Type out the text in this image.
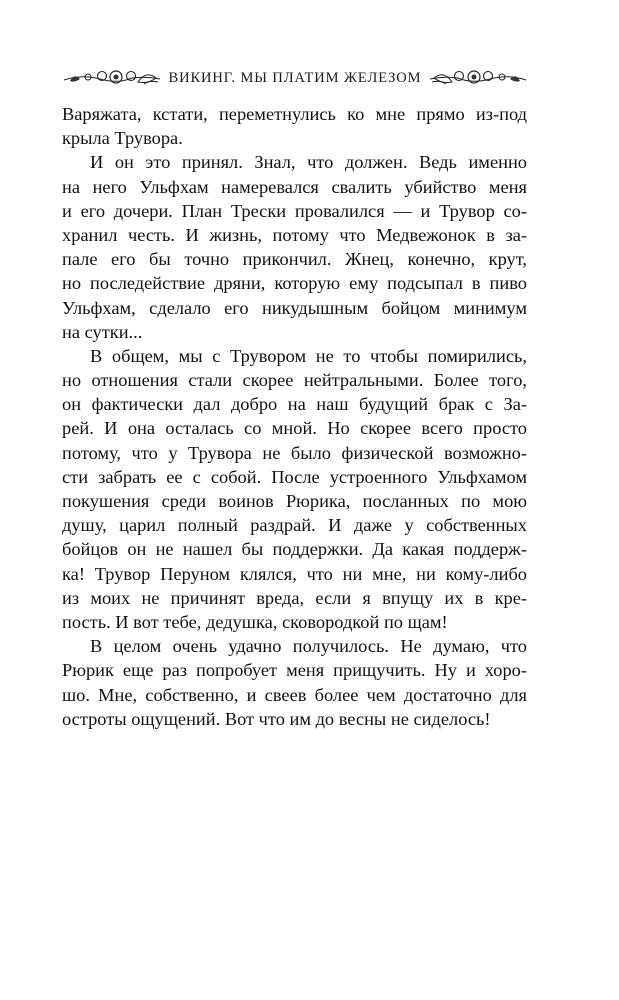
ВИКИНГ. МЫ ПЛАТИМ ЖЕЛЕЗОМ
Варяжата, кстати, переметнулись ко мне прямо из-под
крыла Трувора.
И он это принял. Знал, что должен. Ведь именно
на него Ульфхам намеревался свалить убийство меня
и его дочери. План Трески провалился — и Трувор со-
хранил честь. И жизнь, потому что Медвежонок в за-
пале его бы точно прикончил. Жнец, конечно, крут,
но последействие дряни, которую ему подсыпал в пиво
Ульфхам, сделало его никудышным бойцом минимум
на сутки...
В общем, мы с Трувором не то чтобы помирились,
но отношения стали скорее нейтральными. Более того,
он фактически дал добро на наш будущий брак с За-
рей. И она осталась со мной. Но скорее всего просто
потому, что у Трувора не было физической возможно-
сти забрать ее с собой. После устроенного Ульфхамом
покушения среди воинов Рюрика, посланных по мою
душу, царил полный раздрай. И даже у собственных
бойцов он не нашел бы поддержки. Да какая поддерж-
ка! Трувор Перуном клялся, что ни мне, ни кому-либо
из моих не причинят вреда, если я впущу их в кре-
пость. И вот тебе, дедушка, сковородкой по щам!
В целом очень удачно получилось. Не думаю, что
Рюрик еще раз попробует меня прищучить. Ну и хоро-
шо. Мне, собственно, и свеев более чем достаточно для
остроты ощущений. Вот что им до весны не сиделось!
